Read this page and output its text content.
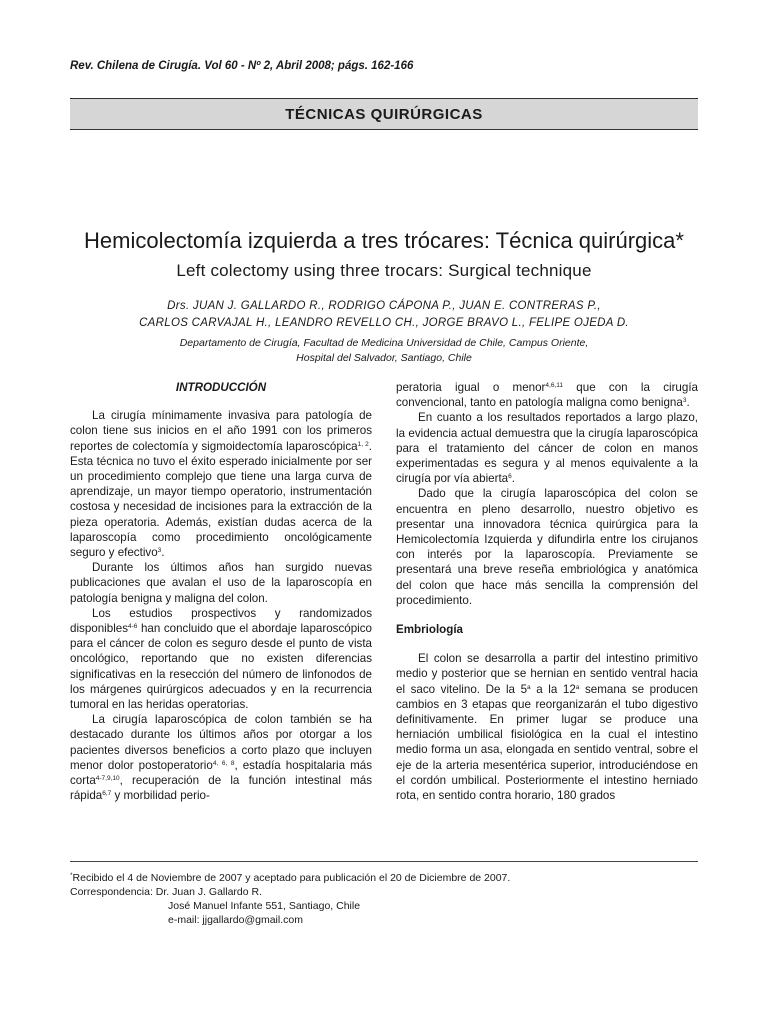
Rev. Chilena de Cirugía. Vol 60 - Nº 2, Abril 2008; págs. 162-166
TÉCNICAS QUIRÚRGICAS
Hemicolectomía izquierda a tres trócares: Técnica quirúrgica*
Left colectomy using three trocars: Surgical technique
Drs. JUAN J. GALLARDO R., RODRIGO CÁPONA P., JUAN E. CONTRERAS P.,
CARLOS CARVAJAL H., LEANDRO REVELLO CH., JORGE BRAVO L., FELIPE OJEDA D.
Departamento de Cirugía, Facultad de Medicina Universidad de Chile, Campus Oriente,
Hospital del Salvador, Santiago, Chile
INTRODUCCIÓN

La cirugía mínimamente invasiva para patología de colon tiene sus inicios en el año 1991 con los primeros reportes de colectomía y sigmoidectomía laparoscópica$^{1, 2}$. Esta técnica no tuvo el éxito esperado inicialmente por ser un procedimiento complejo que tiene una larga curva de aprendizaje, un mayor tiempo operatorio, instrumentación costosa y necesidad de incisiones para la extracción de la pieza operatoria. Además, existían dudas acerca de la laparoscopía como procedimiento oncológicamente seguro y efectivo$^3$.

Durante los últimos años han surgido nuevas publicaciones que avalan el uso de la laparoscopía en patología benigna y maligna del colon.

Los estudios prospectivos y randomizados disponibles$^{4-6}$ han concluido que el abordaje laparoscópico para el cáncer de colon es seguro desde el punto de vista oncológico, reportando que no existen diferencias significativas en la resección del número de linfonodos de los márgenes quirúrgicos adecuados y en la recurrencia tumoral en las heridas operatorias.

La cirugía laparoscópica de colon también se ha destacado durante los últimos años por otorgar a los pacientes diversos beneficios a corto plazo que incluyen menor dolor postoperatorio$^{4, 6, 8}$, estadía hospitalaria más corta$^{4-7,9,10}$, recuperación de la función intestinal más rápida$^{6,7}$ y morbilidad perio-

peratoria igual o menor$^{4,6,11}$ que con la cirugía convencional, tanto en patología maligna como benigna$^3$.

En cuanto a los resultados reportados a largo plazo, la evidencia actual demuestra que la cirugía laparoscópica para el tratamiento del cáncer de colon en manos experimentadas es segura y al menos equivalente a la cirugía por vía abierta$^6$.

Dado que la cirugía laparoscópica del colon se encuentra en pleno desarrollo, nuestro objetivo es presentar una innovadora técnica quirúrgica para la Hemicolectomía Izquierda y difundirla entre los cirujanos con interés por la laparoscopía. Previamente se presentará una breve reseña embriológica y anatómica del colon que hace más sencilla la comprensión del procedimiento.

Embriología

El colon se desarrolla a partir del intestino primitivo medio y posterior que se hernian en sentido ventral hacia el saco vitelino. De la 5$^a$ a la 12$^a$ semana se producen cambios en 3 etapas que reorganizarán el tubo digestivo definitivamente. En primer lugar se produce una herniación umbilical fisiológica en la cual el intestino medio forma un asa, elongada en sentido ventral, sobre el eje de la arteria mesentérica superior, introduciéndose en el cordón umbilical. Posteriormente el intestino herniado rota, en sentido contra horario, 180 grados

*Recibido el 4 de Noviembre de 2007 y aceptado para publicación el 20 de Diciembre de 2007.
Correspondencia: Dr. Juan J. Gallardo R.
José Manuel Infante 551, Santiago, Chile
e-mail: jjgallardo@gmail.com
